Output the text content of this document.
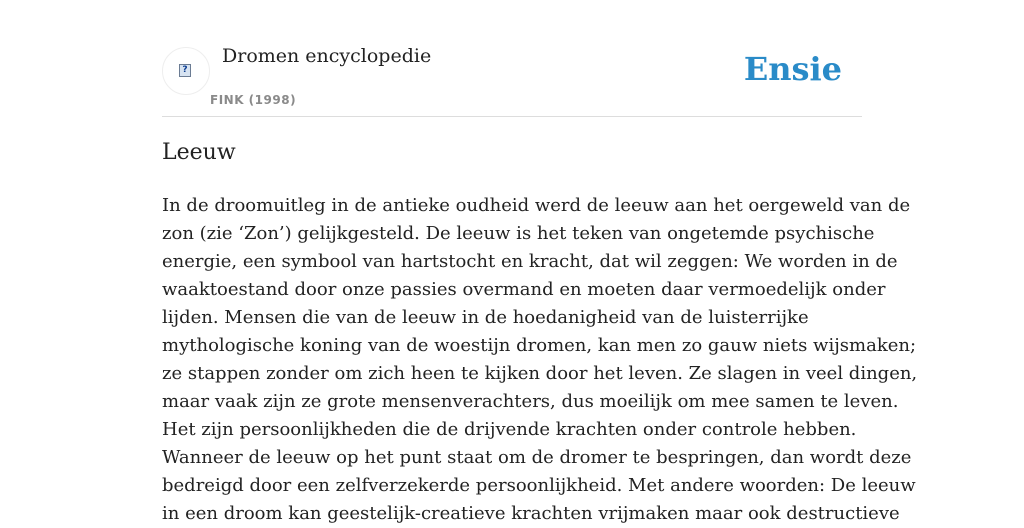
?
Dromen encyclopedie
FINK (1998)
Ensie
Leeuw
In de droomuitleg in de antieke oudheid werd de leeuw aan het oergeweld van de
zon (zie ‘Zon’) gelijkgesteld. De leeuw is het teken van ongetemde psychische
energie, een symbool van hartstocht en kracht, dat wil zeggen: We worden in de
waaktoestand door onze passies overmand en moeten daar vermoedelijk onder
lijden. Mensen die van de leeuw in de hoedanigheid van de luisterrijke
mythologische koning van de woestijn dromen, kan men zo gauw niets wijsmaken;
ze stappen zonder om zich heen te kijken door het leven. Ze slagen in veel dingen,
maar vaak zijn ze grote mensenverachters, dus moeilijk om mee samen te leven.
Het zijn persoonlijkheden die de drijvende krachten onder controle hebben.
Wanneer de leeuw op het punt staat om de dromer te bespringen, dan wordt deze
bedreigd door een zelfverzekerde persoonlijkheid. Met andere woorden: De leeuw
in een droom kan geestelijk-creatieve krachten vrijmaken maar ook destructieve
